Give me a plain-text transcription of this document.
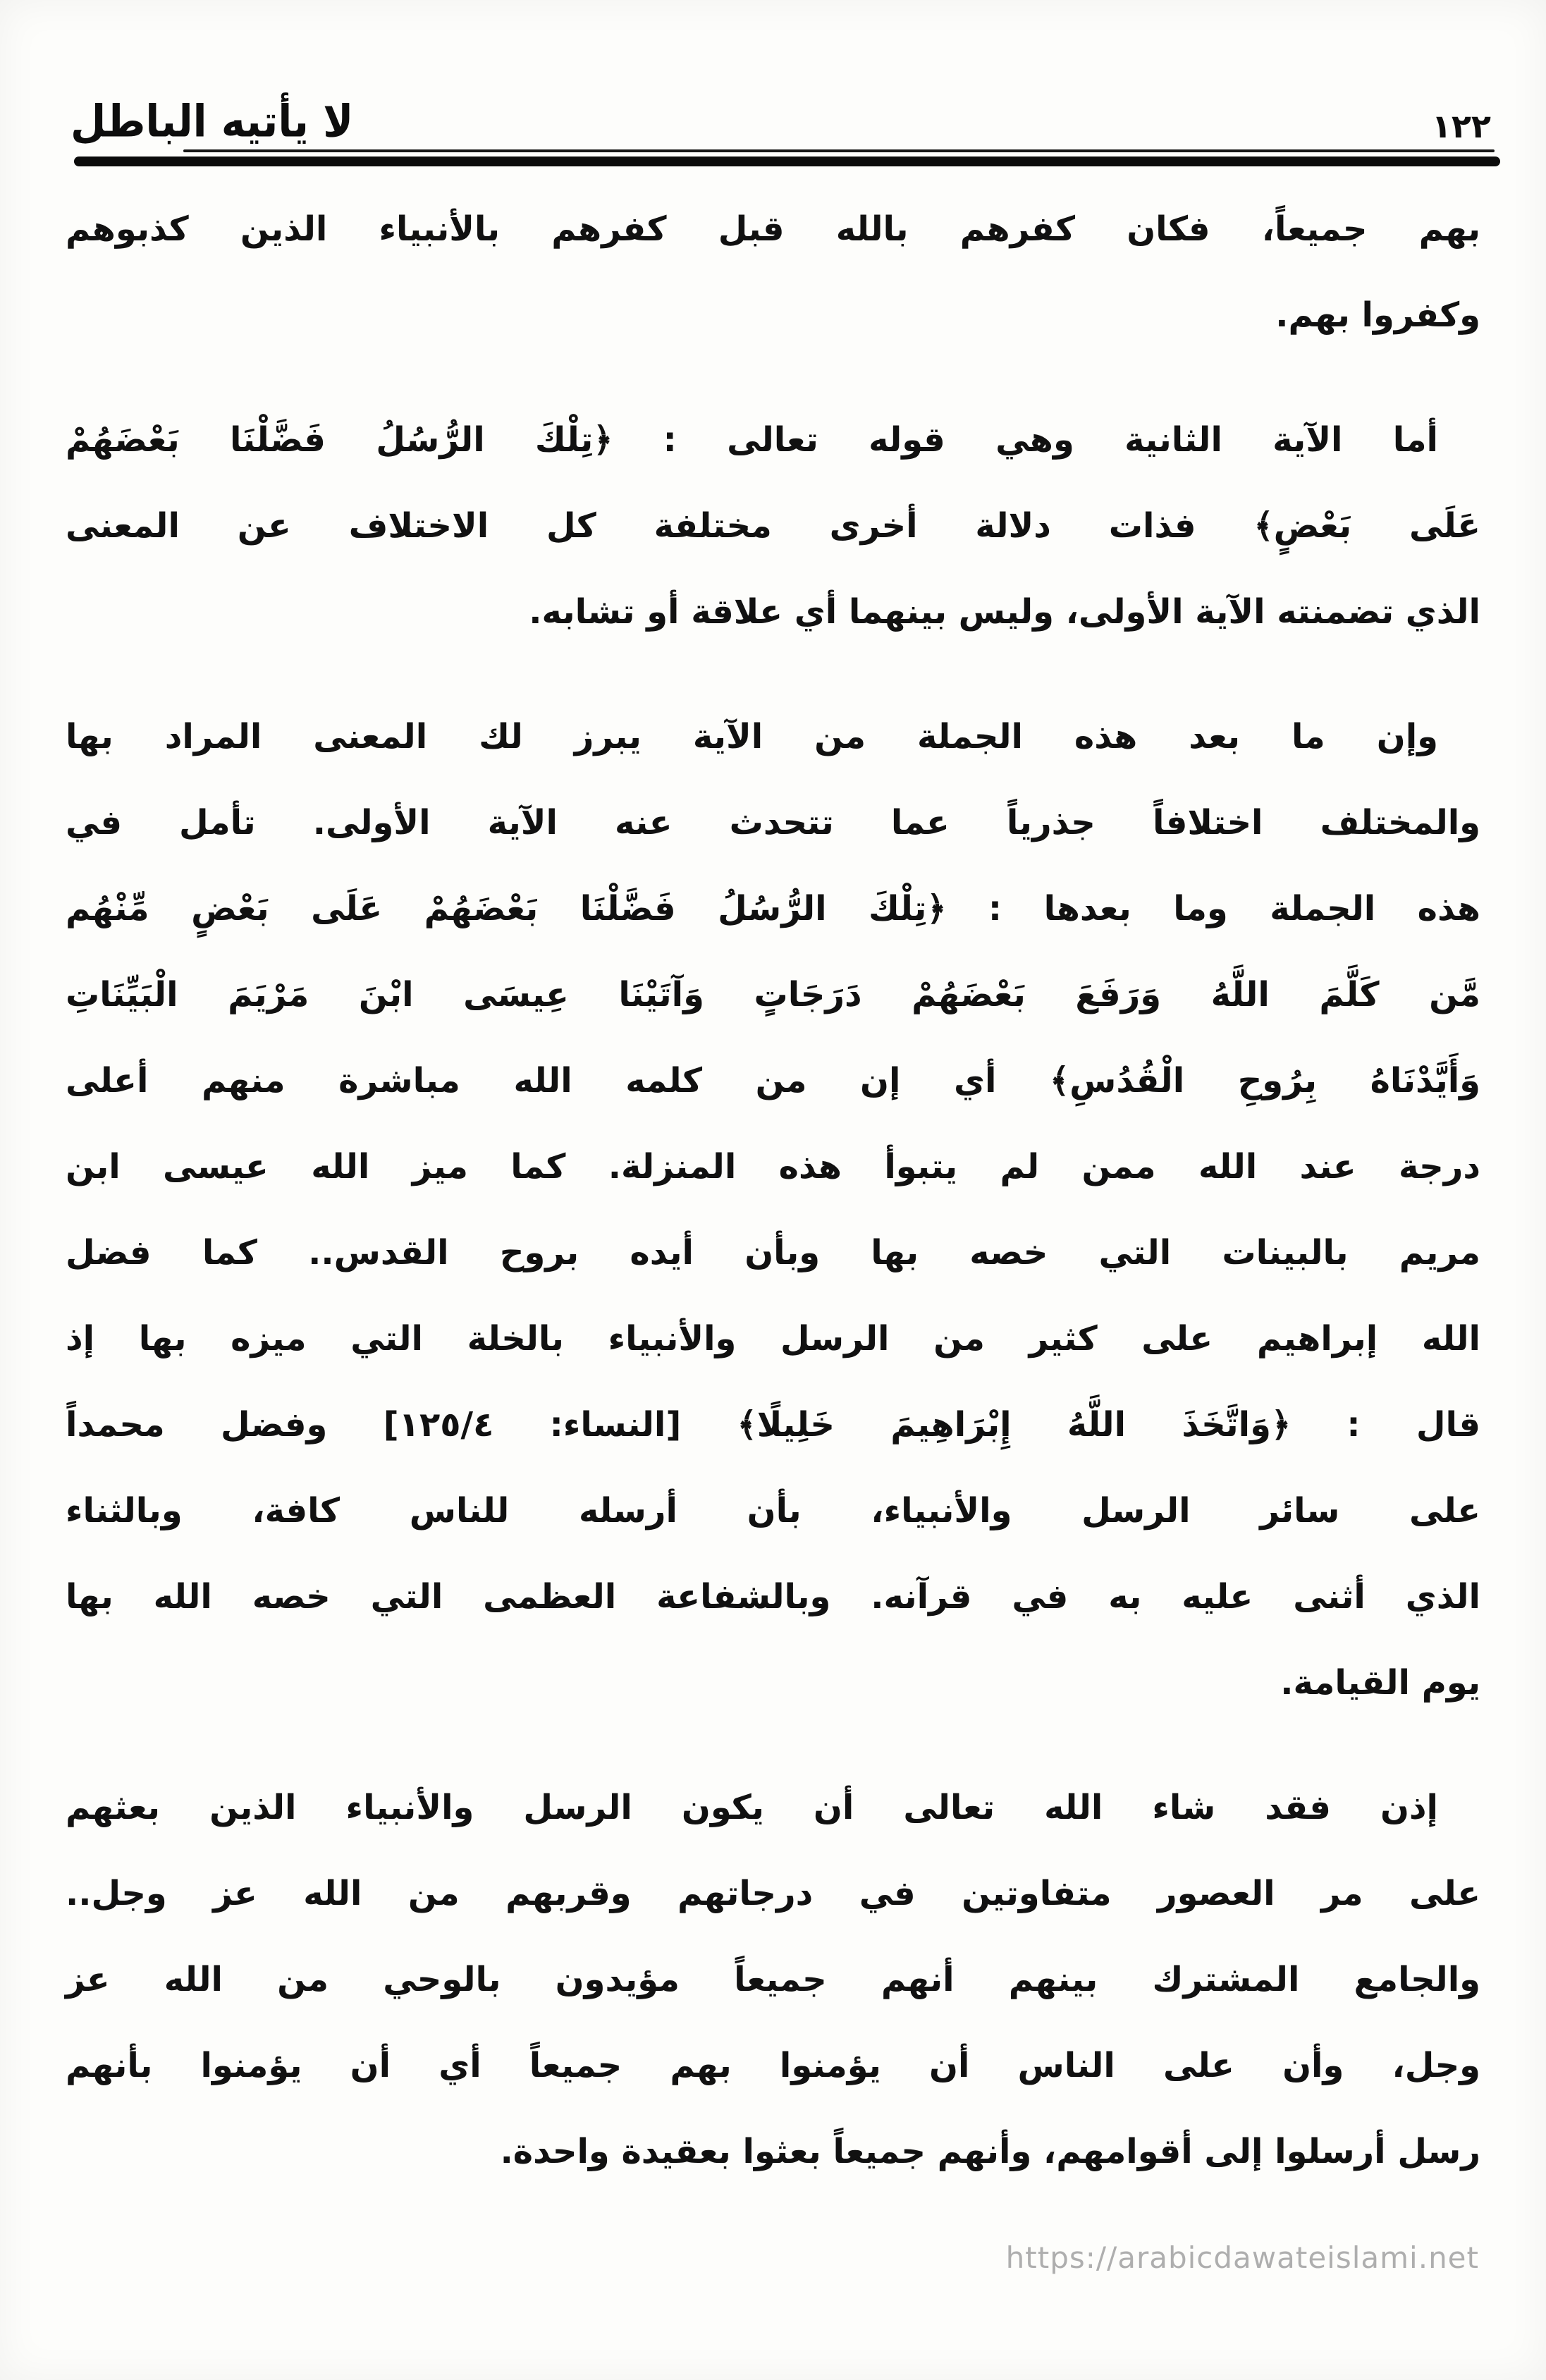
١٢٢
لا يأتيه الباطل
بهم جميعاً، فكان كفرهم بالله قبل كفرهم بالأنبياء الذين كذبوهم
وكفروا بهم.
أما الآية الثانية وهي قوله تعالى : ﴿تِلْكَ الرُّسُلُ فَضَّلْنَا بَعْضَهُمْ
عَلَى بَعْضٍ﴾ فذات دلالة أخرى مختلفة كل الاختلاف عن المعنى
الذي تضمنته الآية الأولى، وليس بينهما أي علاقة أو تشابه.
وإن ما بعد هذه الجملة من الآية يبرز لك المعنى المراد بها
والمختلف اختلافاً جذرياً عما تتحدث عنه الآية الأولى. تأمل في
هذه الجملة وما بعدها : ﴿تِلْكَ الرُّسُلُ فَضَّلْنَا بَعْضَهُمْ عَلَى بَعْضٍ مِّنْهُم
مَّن كَلَّمَ اللَّهُ وَرَفَعَ بَعْضَهُمْ دَرَجَاتٍ وَآتَيْنَا عِيسَى ابْنَ مَرْيَمَ الْبَيِّنَاتِ
وَأَيَّدْنَاهُ بِرُوحِ الْقُدُسِ﴾ أي إن من كلمه الله مباشرة منهم أعلى
درجة عند الله ممن لم يتبوأ هذه المنزلة. كما ميز الله عيسى ابن
مريم بالبينات التي خصه بها وبأن أيده بروح القدس.. كما فضل
الله إبراهيم على كثير من الرسل والأنبياء بالخلة التي ميزه بها إذ
قال : ﴿وَاتَّخَذَ اللَّهُ إِبْرَاهِيمَ خَلِيلًا﴾ [النساء: ١٢٥/٤] وفضل محمداً
على سائر الرسل والأنبياء، بأن أرسله للناس كافة، وبالثناء
الذي أثنى عليه به في قرآنه. وبالشفاعة العظمى التي خصه الله بها
يوم القيامة.
إذن فقد شاء الله تعالى أن يكون الرسل والأنبياء الذين بعثهم
على مر العصور متفاوتين في درجاتهم وقربهم من الله عز وجل..
والجامع المشترك بينهم أنهم جميعاً مؤيدون بالوحي من الله عز
وجل، وأن على الناس أن يؤمنوا بهم جميعاً أي أن يؤمنوا بأنهم
رسل أرسلوا إلى أقوامهم، وأنهم جميعاً بعثوا بعقيدة واحدة.
https://arabicdawateislami.net
